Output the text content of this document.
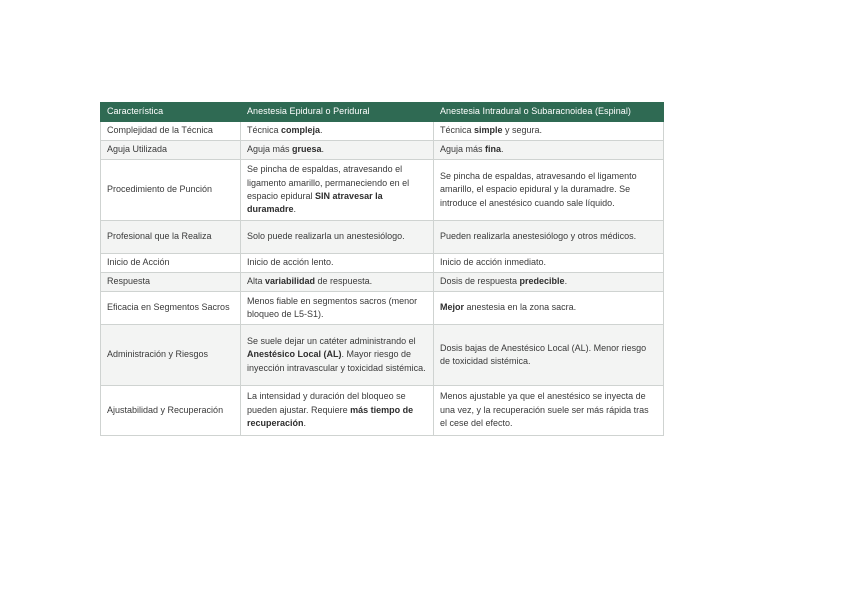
Característica	Anestesia Epidural o Peridural	Anestesia Intradural o Subaracnoidea (Espinal)
Complejidad de la Técnica	Técnica compleja.	Técnica simple y segura.
Aguja Utilizada	Aguja más gruesa.	Aguja más fina.
Procedimiento de Punción	Se pincha de espaldas, atravesando el ligamento amarillo, permaneciendo en el espacio epidural SIN atravesar la duramadre.	Se pincha de espaldas, atravesando el ligamento amarillo, el espacio epidural y la duramadre. Se introduce el anestésico cuando sale líquido.
Profesional que la Realiza	Solo puede realizarla un anestesiólogo.	Pueden realizarla anestesiólogo y otros médicos.
Inicio de Acción	Inicio de acción lento.	Inicio de acción inmediato.
Respuesta	Alta variabilidad de respuesta.	Dosis de respuesta predecible.
Eficacia en Segmentos Sacros	Menos fiable en segmentos sacros (menor bloqueo de L5-S1).	Mejor anestesia en la zona sacra.
Administración y Riesgos	Se suele dejar un catéter administrando el Anestésico Local (AL). Mayor riesgo de inyección intravascular y toxicidad sistémica.	Dosis bajas de Anestésico Local (AL). Menor riesgo de toxicidad sistémica.
Ajustabilidad y Recuperación	La intensidad y duración del bloqueo se pueden ajustar. Requiere más tiempo de recuperación.	Menos ajustable ya que el anestésico se inyecta de una vez, y la recuperación suele ser más rápida tras el cese del efecto.
